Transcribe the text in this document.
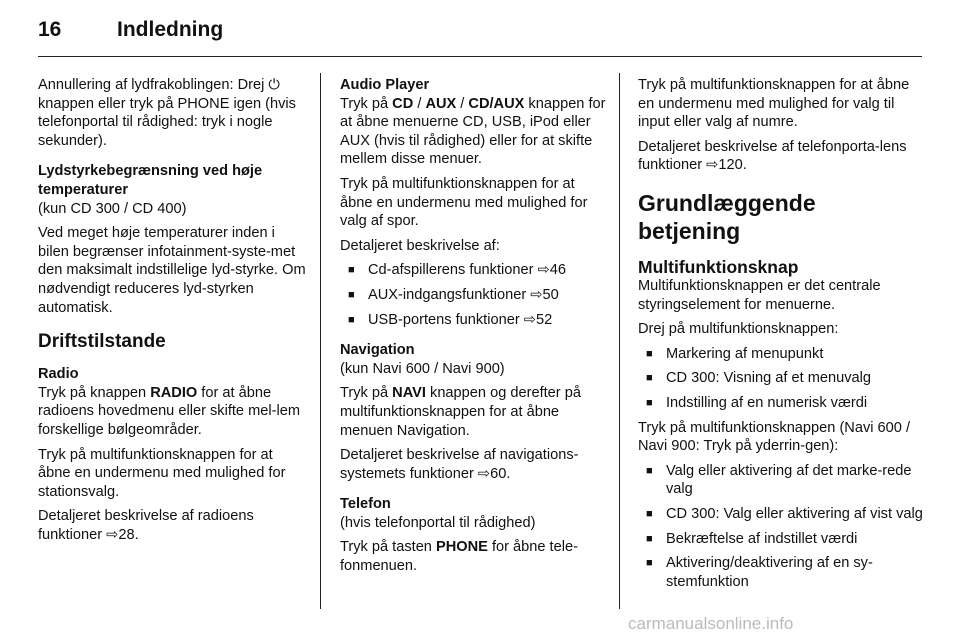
16	Indledning

Annullering af lydfrakoblingen: Drej ⏻ knappen eller tryk på PHONE igen (hvis telefonportal til rådighed: tryk i nogle sekunder).

Lydstyrkebegrænsning ved høje temperaturer

(kun CD 300 / CD 400)

Ved meget høje temperaturer inden i bilen begrænser infotainment-syste-met den maksimalt indstillelige lyd-styrke. Om nødvendigt reduceres lyd-styrken automatisk.

Driftstilstande

Radio

Tryk på knappen RADIO for at åbne radioens hovedmenu eller skifte mel-lem forskellige bølgeområder.

Tryk på multifunktionsknappen for at åbne en undermenu med mulighed for stationsvalg.

Detaljeret beskrivelse af radioens funktioner ⇨ 28.

Audio Player

Tryk på CD / AUX / CD/AUX knappen for at åbne menuerne CD, USB, iPod eller AUX (hvis til rådighed) eller for at skifte mellem disse menuer.

Tryk på multifunktionsknappen for at åbne en undermenu med mulighed for valg af spor.

Detaljeret beskrivelse af:

■ Cd-afspillerens funktioner ⇨ 46
■ AUX-indgangsfunktioner ⇨ 50
■ USB-portens funktioner ⇨ 52

Navigation

(kun Navi 600 / Navi 900)

Tryk på NAVI knappen og derefter på multifunktionsknappen for at åbne menuen Navigation.

Detaljeret beskrivelse af navigations-systemets funktioner ⇨ 60.

Telefon

(hvis telefonportal til rådighed)

Tryk på tasten PHONE for åbne tele-fonmenuen.

Tryk på multifunktionsknappen for at åbne en undermenu med mulighed for valg til input eller valg af numre.

Detaljeret beskrivelse af telefonporta-lens funktioner ⇨ 120.

Grundlæggende betjening
Multifunktionsknap

Multifunktionsknappen er det centrale styringselement for menuerne.

Drej på multifunktionsknappen:

■ Markering af menupunkt
■ CD 300: Visning af et menuvalg
■ Indstilling af en numerisk værdi

Tryk på multifunktionsknappen (Navi 600 / Navi 900: Tryk på yderrin-gen):

■ Valg eller aktivering af det marke-rede valg
■ CD 300: Valg eller aktivering af vist valg
■ Bekræftelse af indstillet værdi
■ Aktivering/deaktivering af en sy-stemfunktion
carmanualsonline.info
